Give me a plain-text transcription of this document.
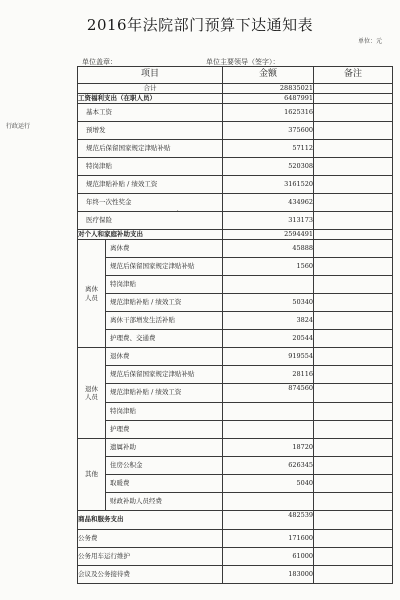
2016年法院部门预算下达通知表
单位：元
单位盖章：	单位主要领导（签字）：
行政运行
′
项目		金额	备注
合计		28835021	
工资福利支出（在职人员）		6487991	
基本工资		1625316	
预增发		375600	
规范后保留国家规定津贴补贴		57112	
特岗津贴		520308	
规范津贴补贴 / 绩效工资		3161520	
年终一次性奖金		434962	
医疗保险		313173	
对个人和家庭补助支出		2594491	
离休
人员	离休费	45888	
	规范后保留国家规定津贴补贴	1560	
	特岗津贴		
	规范津贴补贴 / 绩效工资	50340	
	离休干部增发生活补贴	3824	
	护理费、交通费	20544	
退休
人员	退休费	919554	
	规范后保留国家规定津贴补贴	28116	
	规范津贴补贴 / 绩效工资	874560	
	特岗津贴		
	护理费		
其他	遗属补助	18720	
	住房公积金	626345	
	取暖费	5040	
	财政补助人员经费		
商品和服务支出		482539	
公务费		171600	
公务用车运行维护		61000	
会议及公务接待费		183000	
